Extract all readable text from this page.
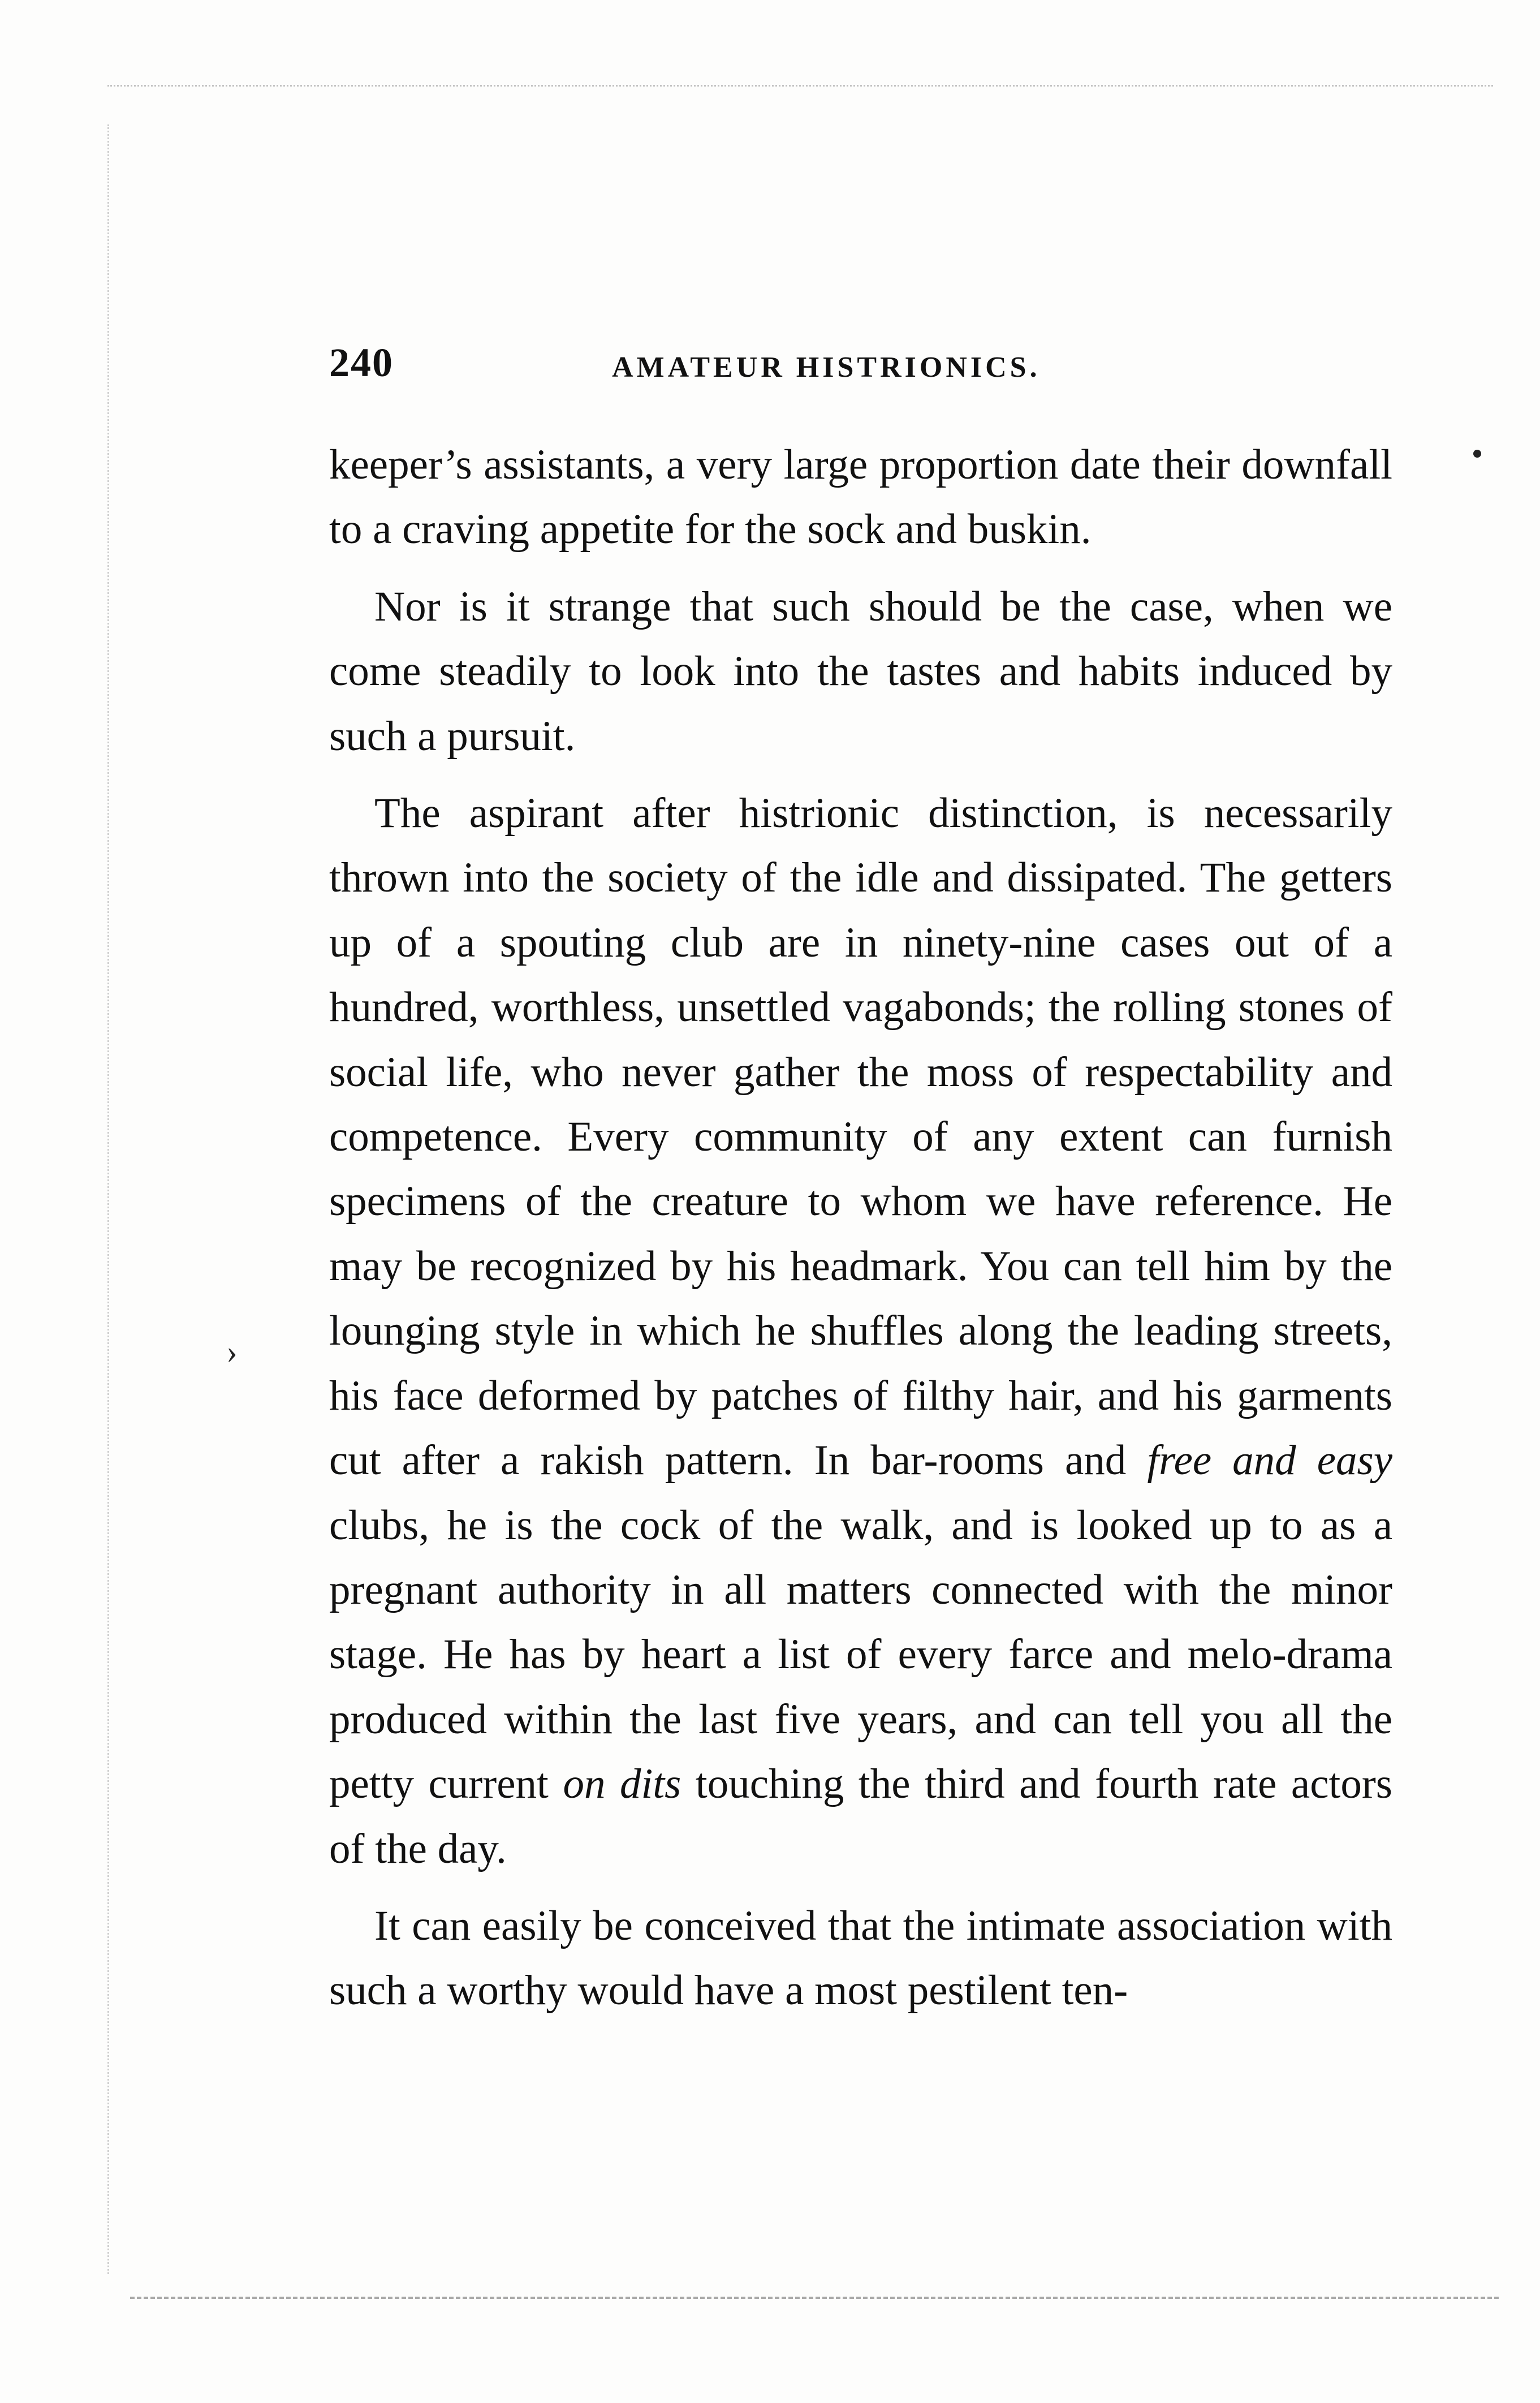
240	AMATEUR HISTRIONICS.
›

keeper’s assistants, a very large proportion date their downfall to a craving appetite for the sock and buskin.

Nor is it strange that such should be the case, when we come steadily to look into the tastes and habits induced by such a pursuit.

The aspirant after histrionic distinction, is necessarily thrown into the society of the idle and dissipated. The getters up of a spouting club are in ninety-nine cases out of a hundred, worthless, unsettled vagabonds; the rolling stones of social life, who never gather the moss of respectability and competence. Every community of any extent can furnish specimens of the creature to whom we have reference. He may be recognized by his headmark. You can tell him by the lounging style in which he shuffles along the leading streets, his face deformed by patches of filthy hair, and his garments cut after a rakish pattern. In bar-rooms and free and easy clubs, he is the cock of the walk, and is looked up to as a pregnant authority in all matters connected with the minor stage. He has by heart a list of every farce and melo-drama produced within the last five years, and can tell you all the petty current on dits touching the third and fourth rate actors of the day.

It can easily be conceived that the intimate association with such a worthy would have a most pestilent ten-
